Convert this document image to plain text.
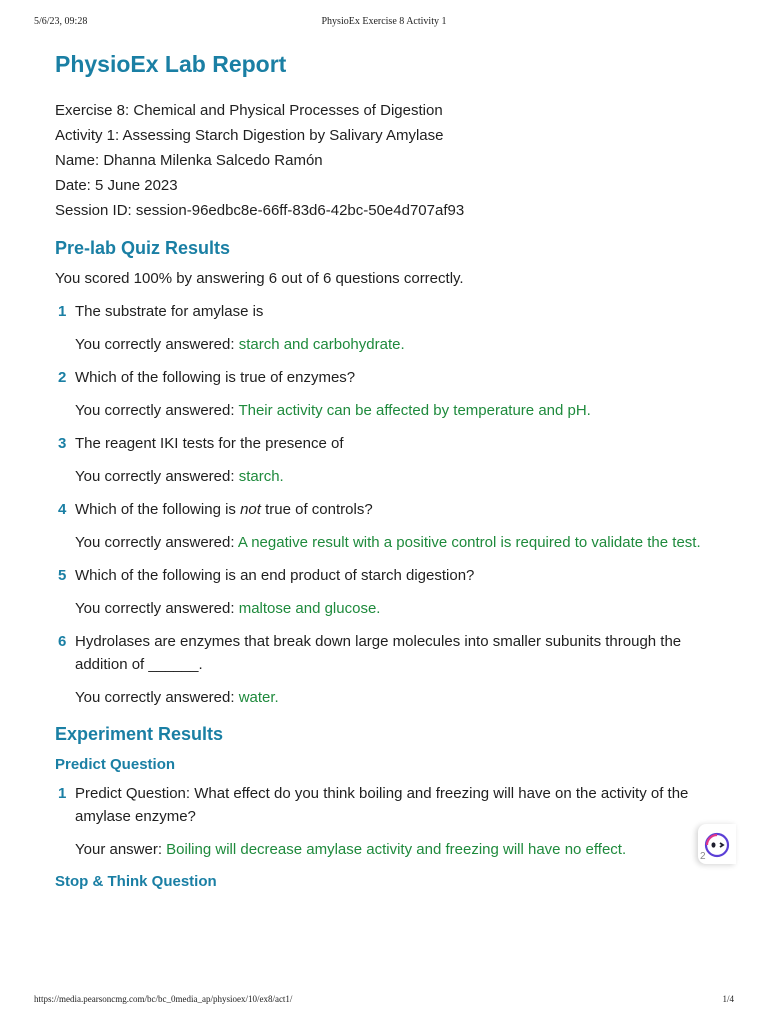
5/6/23, 09:28	PhysioEx Exercise 8 Activity 1
PhysioEx Lab Report
Exercise 8: Chemical and Physical Processes of Digestion
Activity 1: Assessing Starch Digestion by Salivary Amylase
Name: Dhanna Milenka Salcedo Ramón
Date: 5 June 2023
Session ID: session-96edbc8e-66ff-83d6-42bc-50e4d707af93
Pre-lab Quiz Results
You scored 100% by answering 6 out of 6 questions correctly.
1 The substrate for amylase is
You correctly answered: starch and carbohydrate.
2 Which of the following is true of enzymes?
You correctly answered: Their activity can be affected by temperature and pH.
3 The reagent IKI tests for the presence of
You correctly answered: starch.
4 Which of the following is not true of controls?
You correctly answered: A negative result with a positive control is required to validate the test.
5 Which of the following is an end product of starch digestion?
You correctly answered: maltose and glucose.
6 Hydrolases are enzymes that break down large molecules into smaller subunits through the addition of ______.
You correctly answered: water.
Experiment Results
Predict Question
1 Predict Question: What effect do you think boiling and freezing will have on the activity of the amylase enzyme?
Your answer: Boiling will decrease amylase activity and freezing will have no effect.
Stop & Think Question
2
https://media.pearsoncmg.com/bc/bc_0media_ap/physioex/10/ex8/act1/	1/4
